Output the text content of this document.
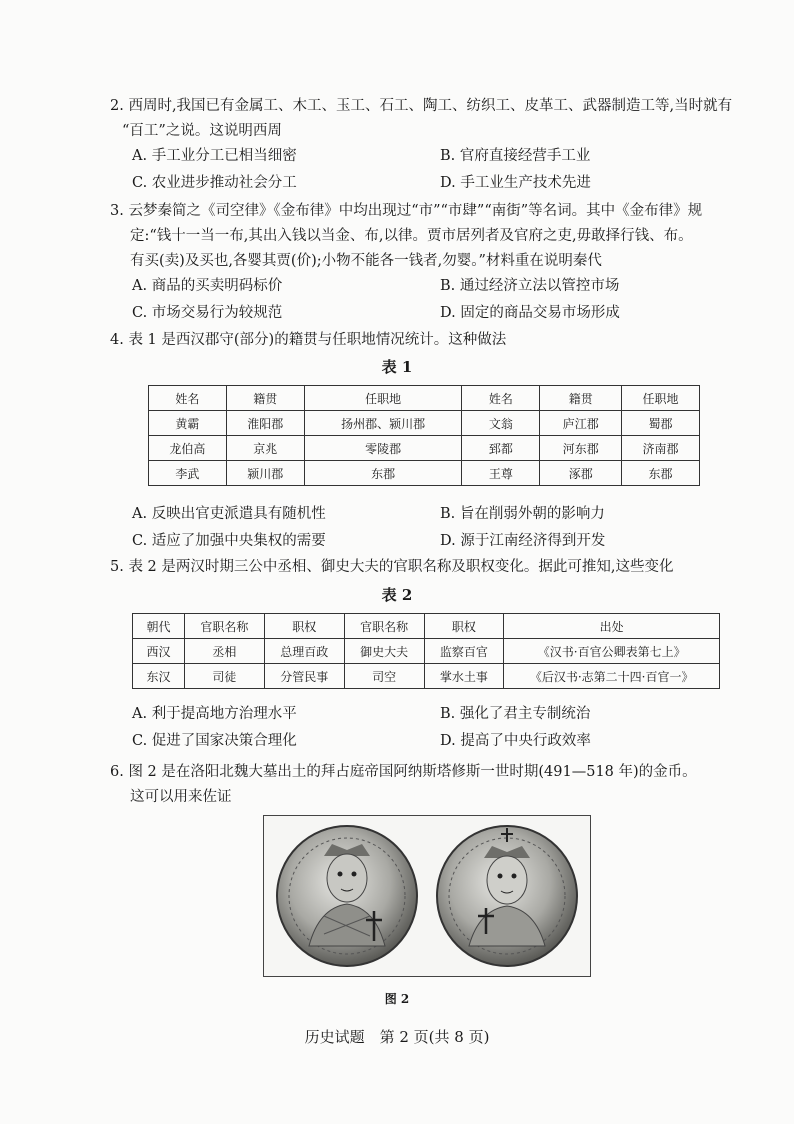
2. 西周时,我国已有金属工、木工、玉工、石工、陶工、纺织工、皮革工、武器制造工等,当时就有
“百工”之说。这说明西周
A. 手工业分工已相当细密	B. 官府直接经营手工业
C. 农业进步推动社会分工	D. 手工业生产技术先进
3. 云梦秦简之《司空律》《金布律》中均出现过“市”“市肆”“南街”等名词。其中《金布律》规
定:“钱十一当一布,其出入钱以当金、布,以律。贾市居列者及官府之吏,毋敢择行钱、布。
有买(卖)及买也,各婴其贾(价);小物不能各一钱者,勿婴。”材料重在说明秦代
A. 商品的买卖明码标价	B. 通过经济立法以管控市场
C. 市场交易行为较规范	D. 固定的商品交易市场形成
4. 表 1 是西汉郡守(部分)的籍贯与任职地情况统计。这种做法
表 1
姓名	籍贯	任职地	姓名	籍贯	任职地
黄霸	淮阳郡	扬州郡、颍川郡	文翁	庐江郡	蜀郡
龙伯高	京兆	零陵郡	郅都	河东郡	济南郡
李武	颍川郡	东郡	王尊	涿郡	东郡
A. 反映出官吏派遣具有随机性	B. 旨在削弱外朝的影响力
C. 适应了加强中央集权的需要	D. 源于江南经济得到开发
5. 表 2 是两汉时期三公中丞相、御史大夫的官职名称及职权变化。据此可推知,这些变化
表 2
朝代	官职名称	职权	官职名称	职权	出处
西汉	丞相	总理百政	御史大夫	监察百官	《汉书·百官公卿表第七上》
东汉	司徒	分管民事	司空	掌水土事	《后汉书·志第二十四·百官一》
A. 利于提高地方治理水平	B. 强化了君主专制统治
C. 促进了国家决策合理化	D. 提高了中央行政效率
6. 图 2 是在洛阳北魏大墓出土的拜占庭帝国阿纳斯塔修斯一世时期(491—518 年)的金币。
这可以用来佐证
图 2
历史试题　第 2 页(共 8 页)
